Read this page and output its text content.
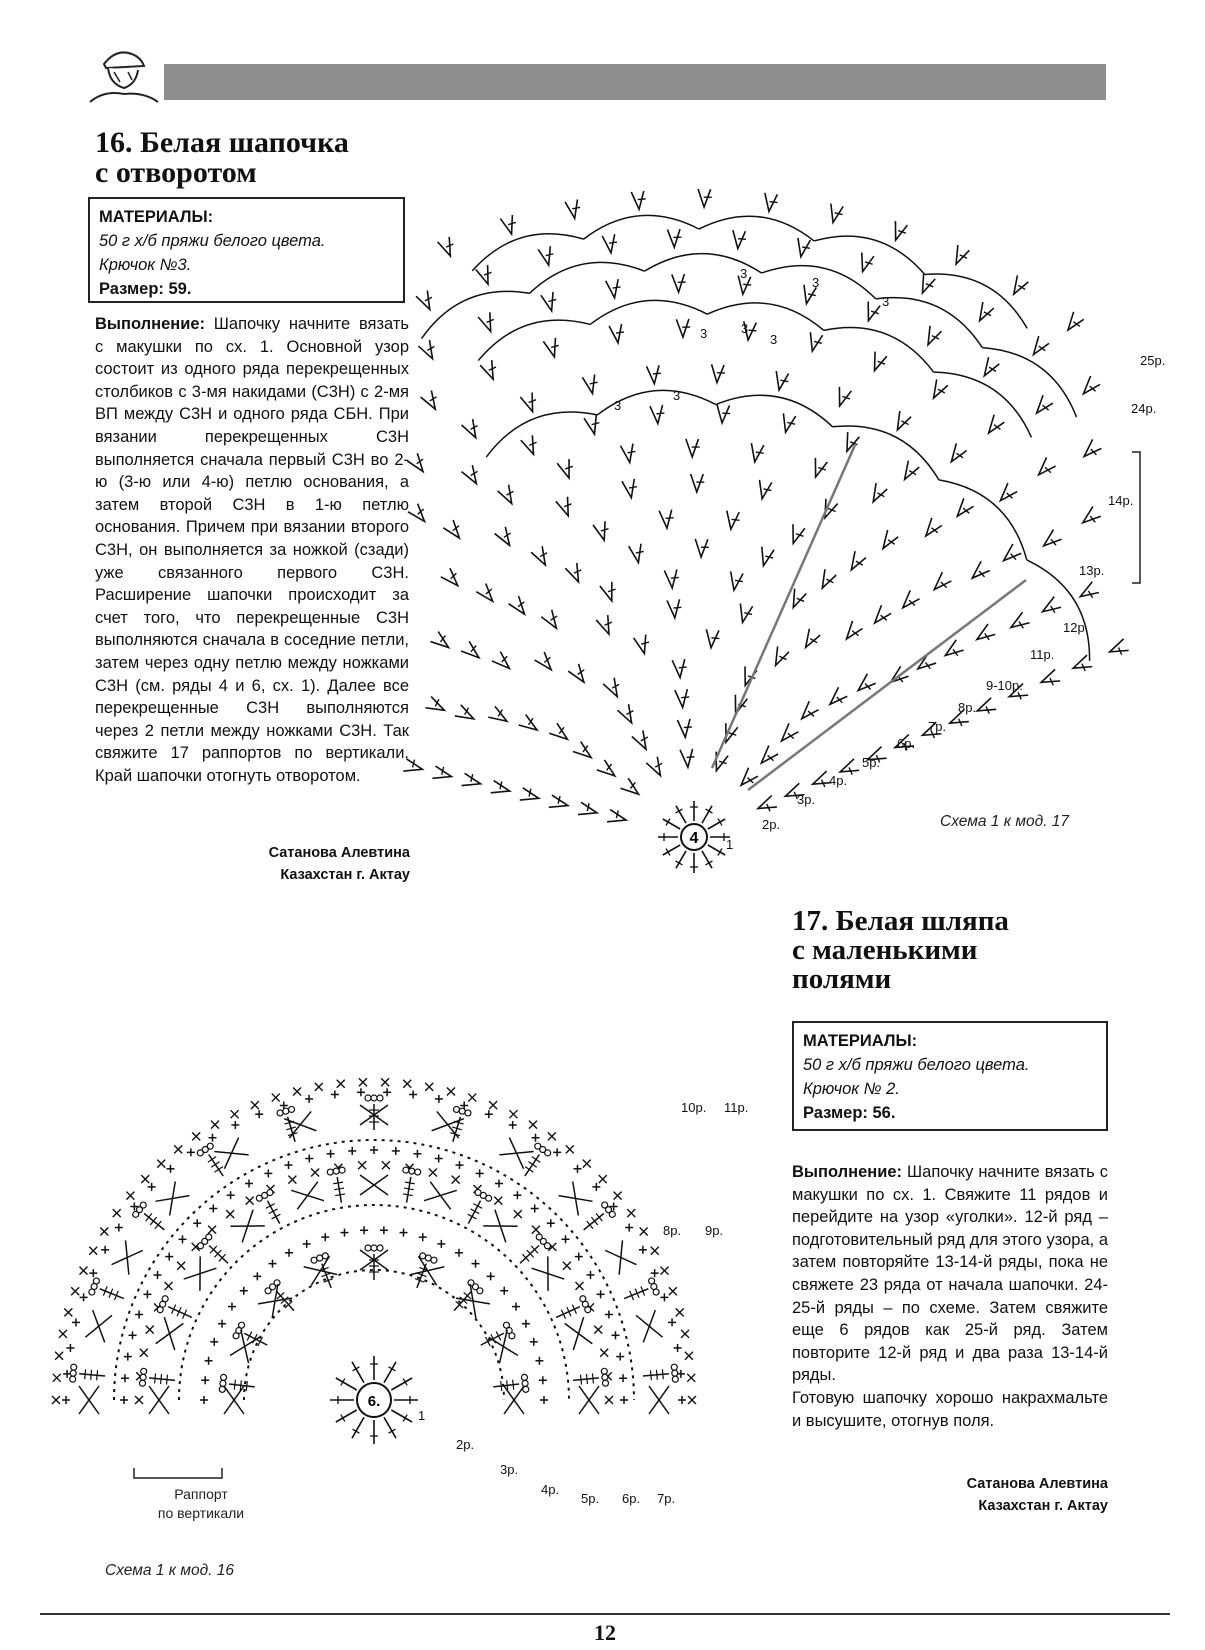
16. Белая шапочка
с отворотом
МАТЕРИАЛЫ:
50 г х/б пряжи белого цвета.
Крючок №3.
Размер: 59.
Выполнение: Шапочку начните вязать с макушки по сх. 1. Основной узор состоит из одного ряда перекрещенных столбиков с 3-мя накидами (С3Н) с 2-мя ВП между С3Н и одного ряда СБН. При вязании перекрещенных С3Н выполняется сначала первый С3Н во 2-ю (3-ю или 4-ю) петлю основания, а затем второй С3Н в 1-ю петлю основания. Причем при вязании второго С3Н, он выполняется за ножкой (сзади) уже связанного первого С3Н. Расширение шапочки происходит за счет того, что перекрещенные С3Н выполняются сначала в соседние петли, затем через одну петлю между ножками С3Н (см. ряды 4 и 6, сх. 1). Далее все перекрещенные С3Н выполняются через 2 петли между ножками С3Н. Так свяжите 17 раппортов по вертикали. Край шапочки отогнуть отворотом.
Сатанова Алевтина
Казахстан г. Актау
17. Белая шляпа
с маленькими
полями
МАТЕРИАЛЫ:
50 г х/б пряжи белого цвета.
Крючок № 2.
Размер: 56.
Выполнение: Шапочку начните вязать с макушки по сх. 1. Свяжите 11 рядов и перейдите на узор «уголки». 12-й ряд – подготовительный ряд для этого узора, а затем повторяйте 13-14-й ряды, пока не свяжете 23 ряда от начала шапочки. 24-25-й ряды – по схеме. Затем свяжите еще 6 рядов как 25-й ряд. Затем повторите 12-й ряд и два раза 13-14-й ряды.
Готовую шапочку хорошо накрахмальте и высушите, отогнув поля.
Сатанова Алевтина
Казахстан г. Актау
4 1
3
3
3
3	3
3
3
3
25р.
24р.
14р.
13р.
12р.
11р.
9-10р.
8р.
7р.
6р.
5р.
4р.
3р.
2р.	Схема 1 к мод. 17
6.
1
10р. 11р.
8р. 9р.
2р.
3р.
4р.
5р. 6р. 7р.
Раппорт
по вертикали
Схема 1 к мод. 16
12
